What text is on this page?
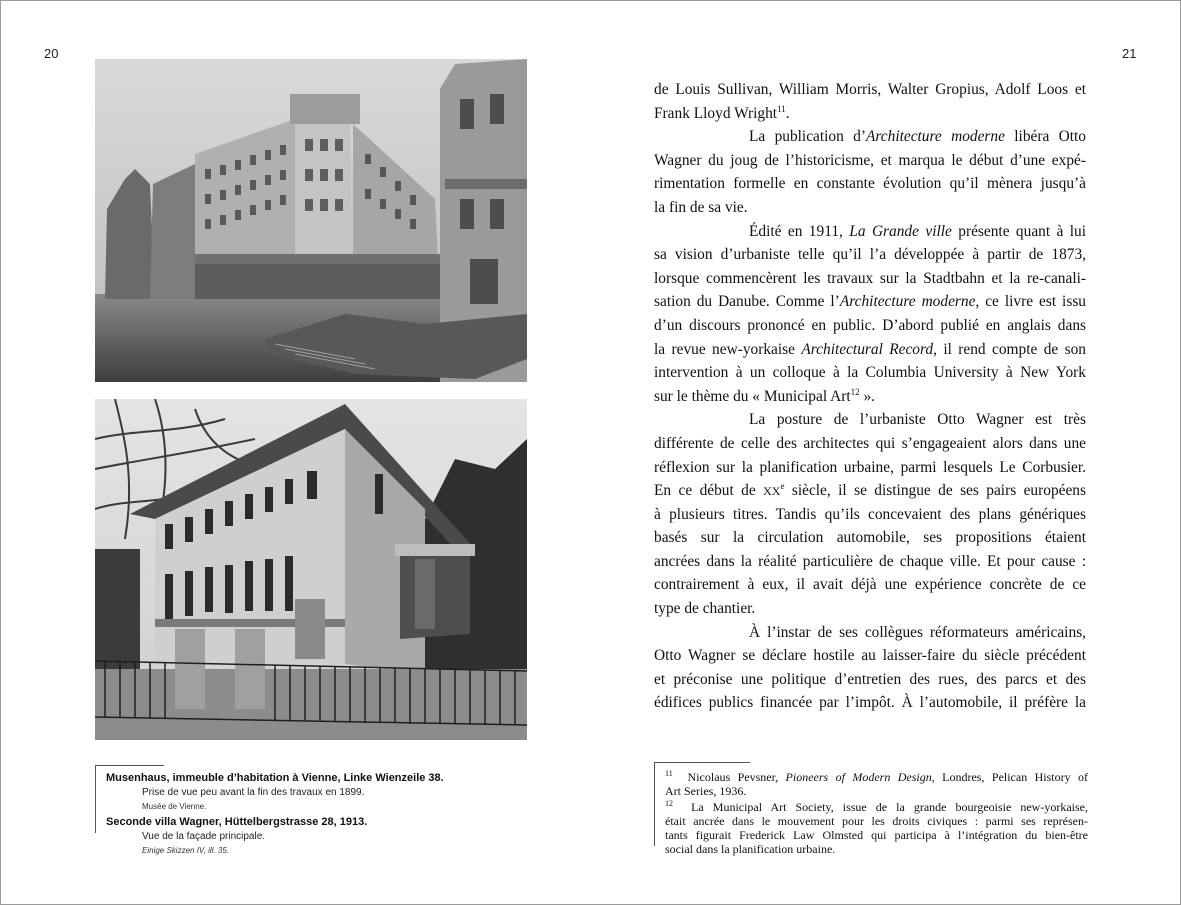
20	21
Musenhaus, immeuble d’habitation à Vienne, Linke Wienzeile 38.
Prise de vue peu avant la fin des travaux en 1899.
Musée de Vienne.
Seconde villa Wagner, Hüttelbergstrasse 28, 1913.
Vue de la façade principale.
Einige Skizzen IV, ill. 35.
de Louis Sullivan, William Morris, Walter Gropius, Adolf Loos et
Frank Lloyd Wright$^{11}$.
La publication d’Architecture moderne libéra Otto
Wagner du joug de l’historicisme, et marqua le début d’une expé-
rimentation formelle en constante évolution qu’il mènera jusqu’à
la fin de sa vie.
Édité en 1911, La Grande ville présente quant à lui
sa vision d’urbaniste telle qu’il l’a développée à partir de 1873,
lorsque commencèrent les travaux sur la Stadtbahn et la re-canali-
sation du Danube. Comme l’Architecture moderne, ce livre est issu
d’un discours prononcé en public. D’abord publié en anglais dans
la revue new-yorkaise Architectural Record, il rend compte de son
intervention à un colloque à la Columbia University à New York
sur le thème du « Municipal Art$^{12}$ ».
La posture de l’urbaniste Otto Wagner est très
différente de celle des architectes qui s’engageaient alors dans une
réflexion sur la planification urbaine, parmi lesquels Le Corbusier.
En ce début de XXe siècle, il se distingue de ses pairs européens
à plusieurs titres. Tandis qu’ils concevaient des plans génériques
basés sur la circulation automobile, ses propositions étaient
ancrées dans la réalité particulière de chaque ville. Et pour cause :
contrairement à eux, il avait déjà une expérience concrète de ce
type de chantier.
À l’instar de ses collègues réformateurs américains,
Otto Wagner se déclare hostile au laisser-faire du siècle précédent
et préconise une politique d’entretien des rues, des parcs et des
édifices publics financée par l’impôt. À l’automobile, il préfère la
$^{11}$ Nicolaus Pevsner, Pioneers of Modern Design, Londres, Pelican History of
Art Series, 1936.
$^{12}$ La Municipal Art Society, issue de la grande bourgeoisie new-yorkaise,
était ancrée dans le mouvement pour les droits civiques : parmi ses représen-
tants figurait Frederick Law Olmsted qui participa à l’intégration du bien-être
social dans la planification urbaine.
